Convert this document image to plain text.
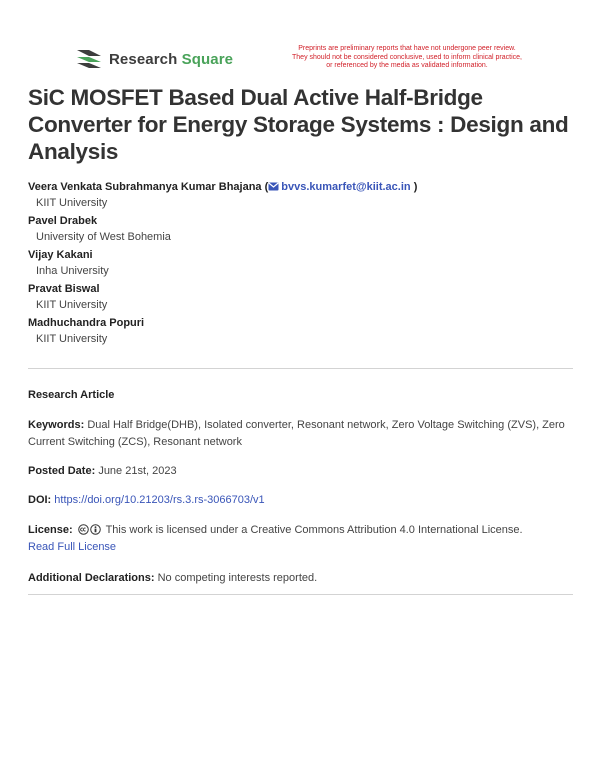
Research Square
Preprints are preliminary reports that have not undergone peer review.
They should not be considered conclusive, used to inform clinical practice,
or referenced by the media as validated information.
SiC MOSFET Based Dual Active Half-Bridge Converter for Energy Storage Systems : Design and Analysis
Veera Venkata Subrahmanya Kumar Bhajana ( bvvs.kumarfet@kiit.ac.in )
KIIT University
Pavel Drabek
University of West Bohemia
Vijay Kakani
Inha University
Pravat Biswal
KIIT University
Madhuchandra Popuri
KIIT University
Research Article
Keywords: Dual Half Bridge(DHB), Isolated converter, Resonant network, Zero Voltage Switching (ZVS), Zero Current Switching (ZCS), Resonant network
Posted Date: June 21st, 2023
DOI: https://doi.org/10.21203/rs.3.rs-3066703/v1
License:	This work is licensed under a Creative Commons Attribution 4.0 International License.
Read Full License
Additional Declarations: No competing interests reported.
